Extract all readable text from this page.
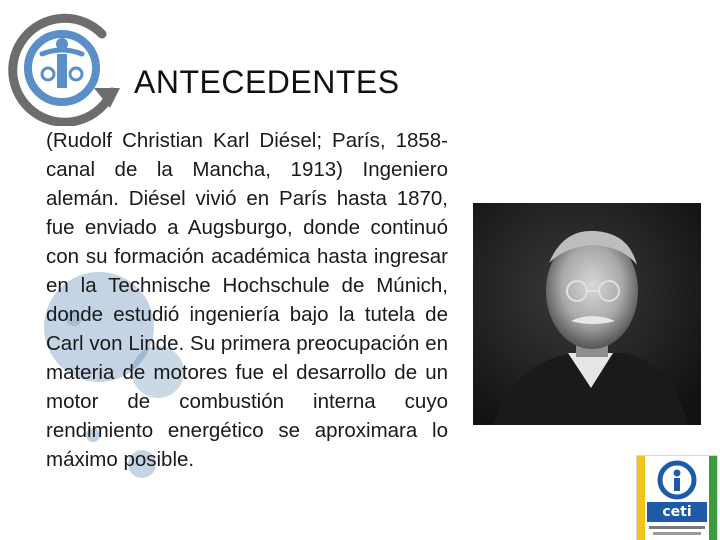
ANTECEDENTES
(Rudolf Christian Karl Diésel; París, 1858-canal de la Mancha, 1913) Ingeniero alemán. Diésel vivió en París hasta 1870, fue enviado a Augsburgo, donde continuó con su formación académica hasta ingresar en la Technische Hochschule de Múnich, donde estudió ingeniería bajo la tutela de Carl von Linde. Su primera preocupación en materia de motores fue el desarrollo de un motor de combustión interna cuyo rendimiento energético se aproximara lo máximo posible.
ceti
